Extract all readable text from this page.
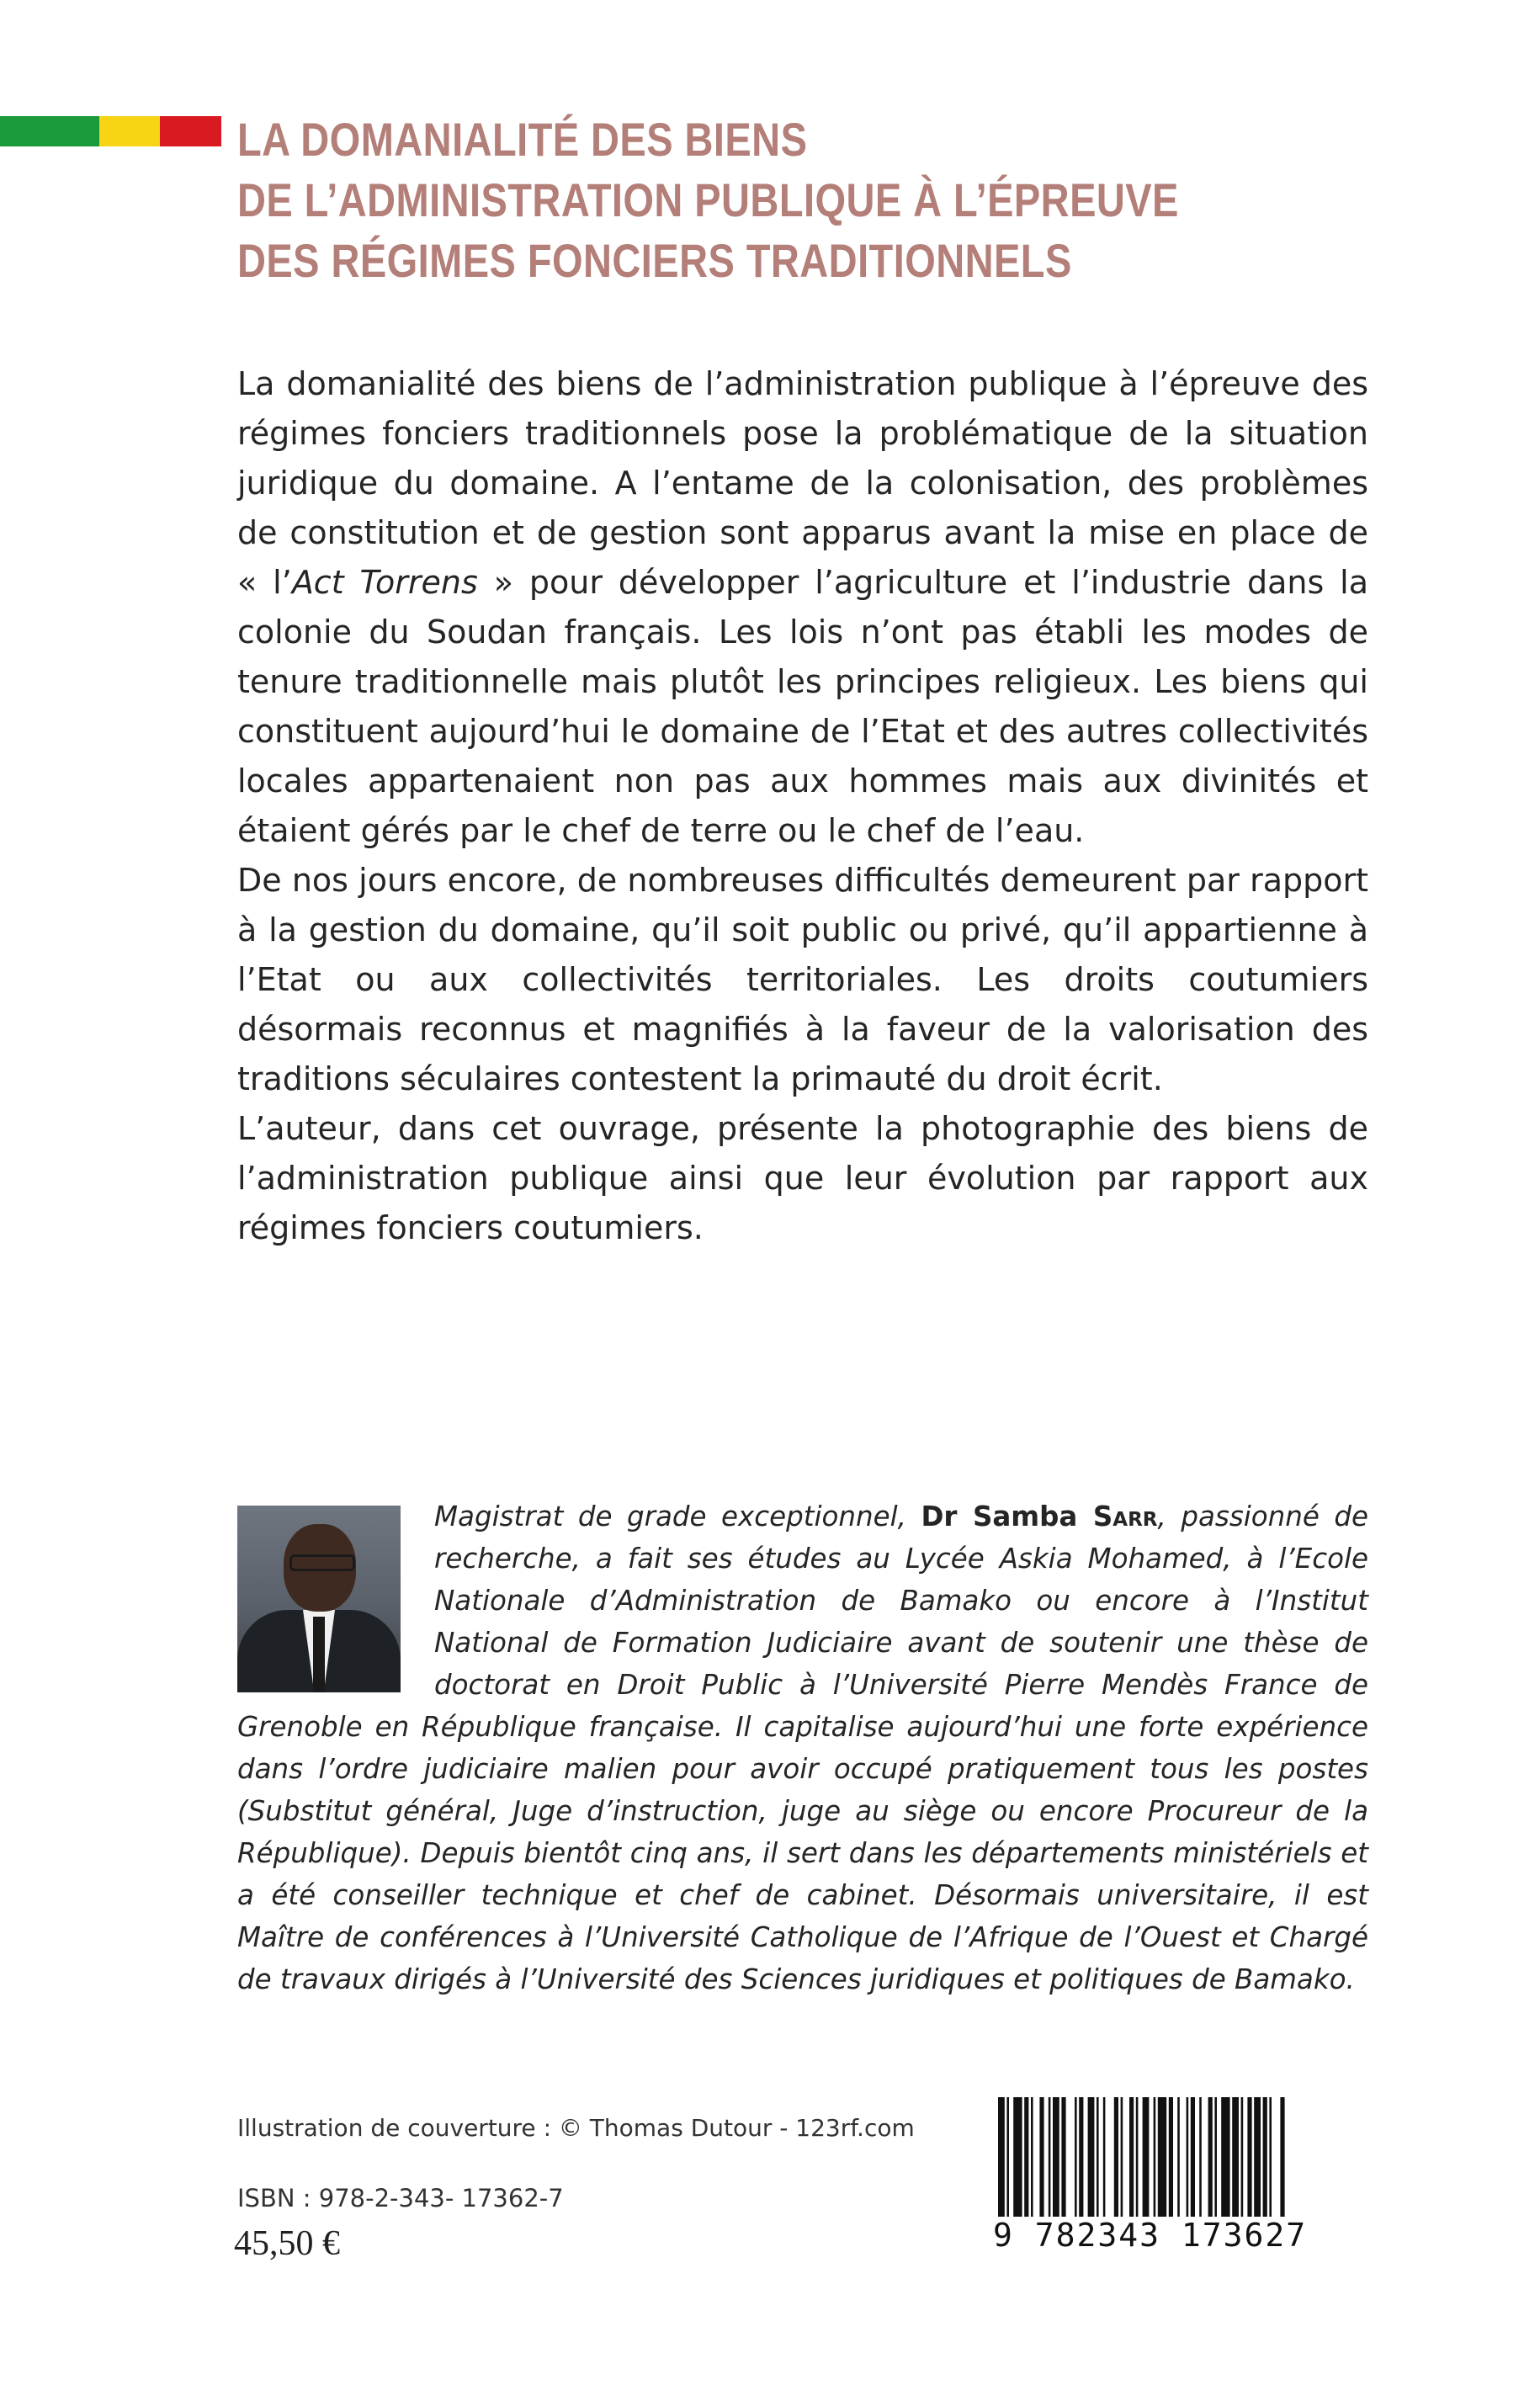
LA DOMANIALITÉ DES BIENS
DE L’ADMINISTRATION PUBLIQUE À L’ÉPREUVE
DES RÉGIMES FONCIERS TRADITIONNELS

La domanialité des biens de l’administration publique à l’épreuve des régimes fonciers traditionnels pose la problématique de la situation juridique du domaine. A l’entame de la colonisation, des problèmes de constitution et de gestion sont apparus avant la mise en place de « l’Act Torrens » pour développer l’agriculture et l’industrie dans la colonie du Soudan français. Les lois n’ont pas établi les modes de tenure traditionnelle mais plutôt les principes religieux. Les biens qui constituent aujourd’hui le domaine de l’Etat et des autres collectivités locales appartenaient non pas aux hommes mais aux divinités et étaient gérés par le chef de terre ou le chef de l’eau.

De nos jours encore, de nombreuses difficultés demeurent par rapport à la gestion du domaine, qu’il soit public ou privé, qu’il appartienne à l’Etat ou aux collectivités territoriales. Les droits coutumiers désormais reconnus et magnifiés à la faveur de la valorisation des traditions séculaires contestent la primauté du droit écrit.

L’auteur, dans cet ouvrage, présente la photographie des biens de l’administration publique ainsi que leur évolution par rapport aux régimes fonciers coutumiers.

Magistrat de grade exceptionnel, Dr Samba Sarr, passionné de recherche, a fait ses études au Lycée Askia Mohamed, à l’Ecole Nationale d’Administration de Bamako ou encore à l’Institut National de Formation Judiciaire avant de soutenir une thèse de doctorat en Droit Public à l’Université Pierre Mendès France de Grenoble en République française. Il capitalise aujourd’hui une forte expérience dans l’ordre judiciaire malien pour avoir occupé pratiquement tous les postes (Substitut général, Juge d’instruction, juge au siège ou encore Procureur de la République). Depuis bientôt cinq ans, il sert dans les départements ministériels et a été conseiller technique et chef de cabinet. Désormais universitaire, il est Maître de conférences à l’Université Catholique de l’Afrique de l’Ouest et Chargé de travaux dirigés à l’Université des Sciences juridiques et politiques de Bamako.
Illustration de couverture : © Thomas Dutour - 123rf.com
ISBN : 978-2-343- 17362-7
45,50 €	9 782343 173627
